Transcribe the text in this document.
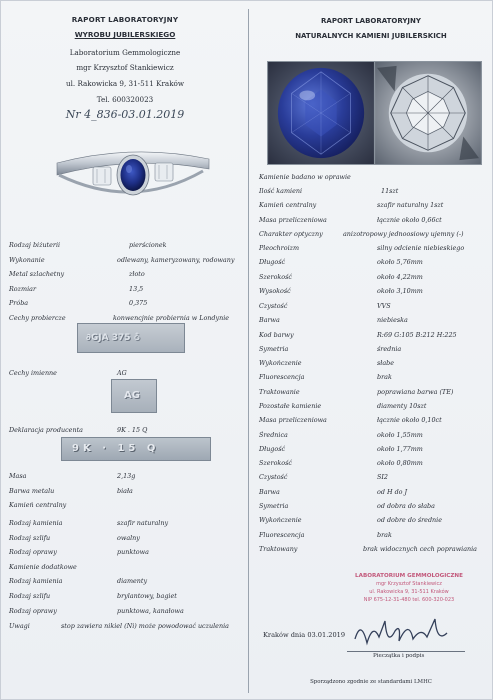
RAPORT LABORATORYJNY
WYROBU JUBILERSKIEGO
Laboratorium Gemmologiczne
mgr Krzysztof Stankiewicz
ul. Rakowicka 9, 31-511 Kraków
Tel. 600320023
Nr 4_836-03.01.2019
Rodzaj biżuterii	pierścionek
Wykonanie	odlewany, kameryzowany, rodowany
Metal szlachetny	złoto
Rozmiar	13,5
Próba	0,375
Cechy probiercze	konwencjnie probiernia w Londynie
Cechy imienne	AG
Deklaracja producenta	9K . 15 Q
Masa	2,13g
Barwa metalu	biała
Kamień centralny
Rodzaj kamienia	szafir naturalny
Rodzaj szlifu	owalny
Rodzaj oprawy	punktowa
Kamienie dodatkowe
Rodzaj kamienia	diamenty
Rodzaj szlifu	brylantowy, bagiet
Rodzaj oprawy	punktowa, kanałowa
Uwagi	stop zawiera nikiel (Ni) może powodować uczulenia
∂GJA 375 ♁
AG
9K · 15 Q
RAPORT LABORATORYJNY
NATURALNYCH KAMIENI JUBILERSKICH
Kamienie badano w oprawie
Ilość kamieni	11szt
Kamień centralny	szafir naturalny 1szt
Masa przeliczeniowa	łącznie około 0,66ct
Charakter optyczny	anizotropowy jednoosiowy ujemny (-)
Pleochroizm	silny odcienie niebieskiego
Długość	około 5,76mm
Szerokość	około 4,22mm
Wysokość	około 3,10mm
Czystość	VVS
Barwa	niebieska
Kod barwy	R:69 G:105 B:212 H:225
Symetria	średnia
Wykończenie	słabe
Fluorescencja	brak
Traktowanie	poprawiana barwa (TE)
Pozostałe kamienie	diamenty 10szt
Masa przeliczeniowa	łącznie około 0,10ct
Średnica	około 1,55mm
Długość	około 1,77mm
Szerokość	około 0,80mm
Czystość	SI2
Barwa	od H do J
Symetria	od dobra do słaba
Wykończenie	od dobre do średnie
Fluorescencja	brak
Traktowany	brak widocznych cech poprawiania
LABORATORIUM GEMMOLOGICZNE
mgr Krzysztof Stankiewicz
ul. Rakowicka 9, 31-511 Kraków
NIP 675-12-31-480 tel. 600-320-023
Kraków dnia 03.01.2019
Pieczątka i podpis
Sporządzono zgodnie ze standardami LMHC
